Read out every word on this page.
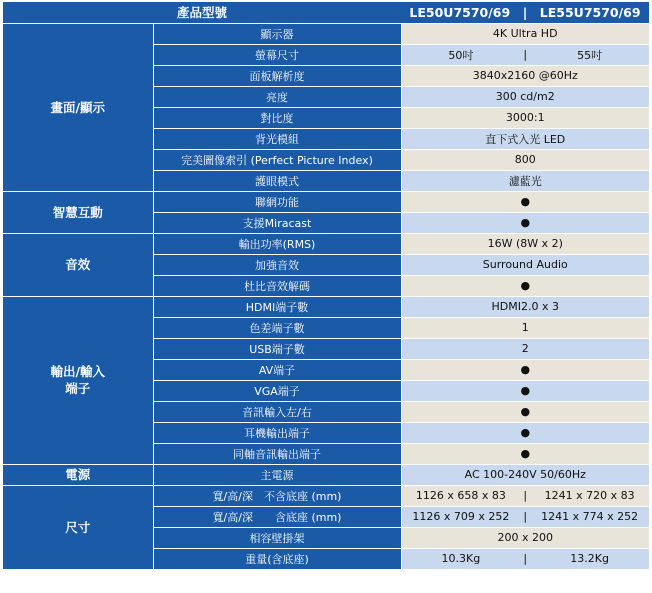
產品型號		LE50U7570/69　|　LE55U7570/69
畫面/顯示	顯示器	4K Ultra HD
	螢幕尺寸	50吋 | 55吋

	面板解析度	3840x2160 @60Hz
	亮度	300 cd/m2
	對比度	3000:1
	背光模組	直下式入光 LED
	完美圖像索引 (Perfect Picture Index)	800
	護眼模式	濾藍光
智慧互動	聯網功能	●
	支援Miracast	●
音效	輸出功率(RMS)	16W (8W x 2)
	加強音效	Surround Audio
	杜比音效解碼	●

輸出/輸入
端子	HDMI端子數	HDMI2.0 x 3
	色差端子數	1
	USB端子數	2
	AV端子	●
	VGA端子	●
	音訊輸入左/右	●
	耳機輸出端子	●
	同軸音訊輸出端子	●
電源	主電源	AC 100-240V 50/60Hz
尺寸	寬/高/深　不含底座 (mm)	1126 x 658 x 83 | 1241 x 720 x 83

	寬/高/深　　含底座 (mm)	1126 x 709 x 252 | 1241 x 774 x 252

	相容壁掛架	200 x 200
	重量(含底座)	10.3Kg | 13.2Kg
